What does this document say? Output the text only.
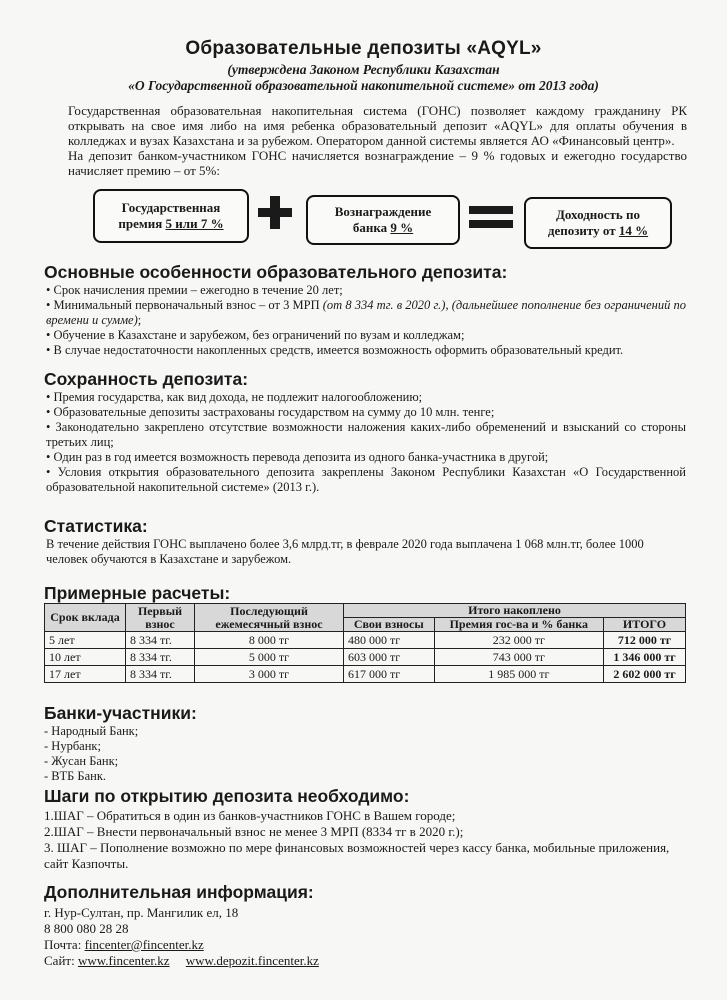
Образовательные депозиты «AQYL»
(утверждена Законом Республики Казахстан
«О Государственной образовательной накопительной системе» от 2013 года)
Государственная образовательная накопительная система (ГОНС) позволяет каждому гражданину РК открывать на свое имя либо на имя ребенка образовательный депозит «AQYL» для оплаты обучения в колледжах и вузах Казахстана и за рубежом. Оператором данной системы является АО «Финансовый центр».
На депозит банком-участником ГОНС начисляется вознаграждение – 9 % годовых и ежегодно государство начисляет премию – от 5%:
Государственная
премия 5 или 7 %
Вознаграждение
банка 9 %
Доходность по
депозиту от 14 %
Основные особенности образовательного депозита:
• Срок начисления премии – ежегодно в течение 20 лет;
• Минимальный первоначальный взнос – от 3 МРП (от 8 334 тг. в 2020 г.), (дальнейшее пополнение без ограничений по времени и сумме);
• Обучение в Казахстане и зарубежом, без ограничений по вузам и колледжам;
• В случае недостаточности накопленных средств, имеется возможность оформить образовательный кредит.
Сохранность депозита:
• Премия государства, как вид дохода, не подлежит налогообложению;
• Образовательные депозиты застрахованы государством на сумму до 10 млн. тенге;
• Законодательно закреплено отсутствие возможности наложения каких-либо обременений и взысканий со стороны третьих лиц;
• Один раз в год имеется возможность перевода депозита из одного банка-участника в другой;
• Условия открытия образовательного депозита закреплены Законом Республики Казахстан «О Государственной образовательной накопительной системе» (2013 г.).
Статистика:
В течение действия ГОНС выплачено более 3,6 млрд.тг, в феврале 2020 года выплачена 1 068 млн.тг, более 1000 человек обучаются в Казахстане и зарубежом.
Примерные расчеты:
Срок вклада	Первый взнос	Последующий ежемесячный взнос	Итого накоплено		
			Свои взносы	Премия гос-ва и % банка	ИТОГО
5 лет	8 334 тг.	8 000 тг	480 000 тг	232 000 тг	712 000 тг
10 лет	8 334 тг.	5 000 тг	603 000 тг	743 000 тг	1 346 000 тг
17 лет	8 334 тг.	3 000 тг	617 000 тг	1 985 000 тг	2 602 000 тг
Банки-участники:
- Народный Банк;
- Нурбанк;
- Жусан Банк;
- ВТБ Банк.
Шаги по открытию депозита необходимо:
1.ШАГ – Обратиться в один из банков-участников ГОНС в Вашем городе;
2.ШАГ – Внести первоначальный взнос не менее 3 МРП (8334 тг в 2020 г.);
3. ШАГ – Пополнение возможно по мере финансовых возможностей через кассу банка, мобильные приложения, сайт Казпочты.
Дополнительная информация:
г. Нур-Султан, пр. Мангилик ел, 18
8 800 080 28 28
Почта: fincenter@fincenter.kz
Сайт: www.fincenter.kz www.depozit.fincenter.kz
